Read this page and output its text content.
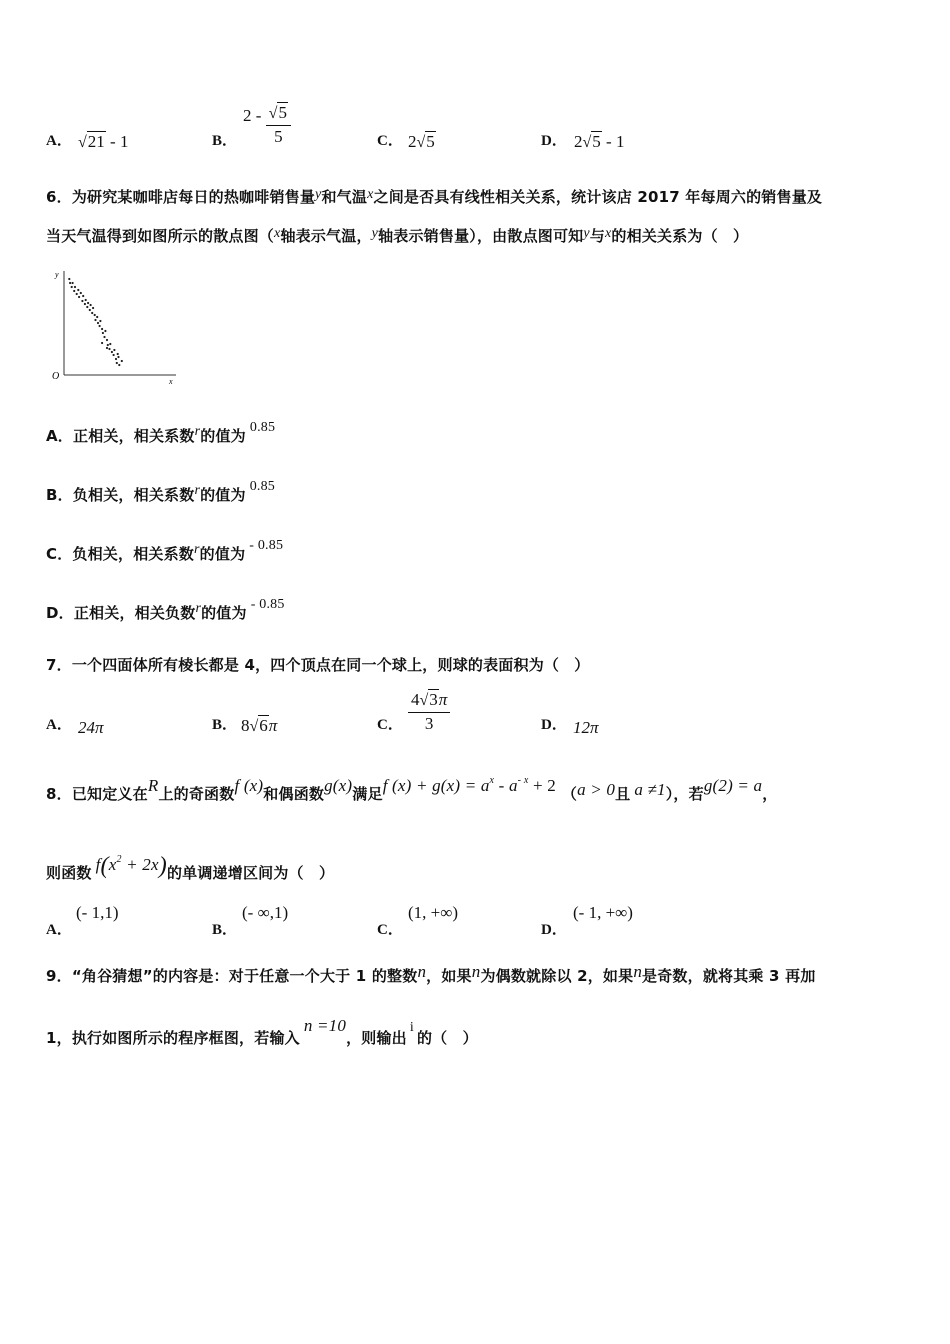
A． √21 - 1	B．
$2 - \frac{√5}{5}$	C． 2√5	D． 2√5 - 1
6．为研究某咖啡店每日的热咖啡销售量y和气温x之间是否具有线性相关关系，统计该店 2017 年每周六的销售量及
当天气温得到如图所示的散点图（x轴表示气温，y轴表示销售量），由散点图可知y与x的相关关系为（　）
y
x
O
A．正相关，相关系数r的值为 0.85
B．负相关，相关系数r的值为 0.85
C．负相关，相关系数r的值为 - 0.85
D．正相关，相关负数r的值为 - 0.85
7．一个四面体所有棱长都是 4，四个顶点在同一个球上，则球的表面积为（　）
A． 24π	B． 8√6π	C． $\frac{4√3\pi}{3}$	D． 12π
8．已知定义在R上的奇函数f (x)和偶函数g(x)满足f $(x) + g(x) = a^x - a^{- x} + 2$ （a > 0且 a ≠1），若g(2) = a，
则函数 $f(x^2 + 2x)$的单调递增区间为（　）
A．
(- 1,1)
B．
(- ∞,1)
C．
(1, +∞)
D．
(- 1, +∞)
9．“角谷猜想”的内容是：对于任意一个大于 1 的整数n，如果n为偶数就除以 2，如果n是奇数，就将其乘 3 再加
1，执行如图所示的程序框图，若输入n =10，则输出i的（　）
